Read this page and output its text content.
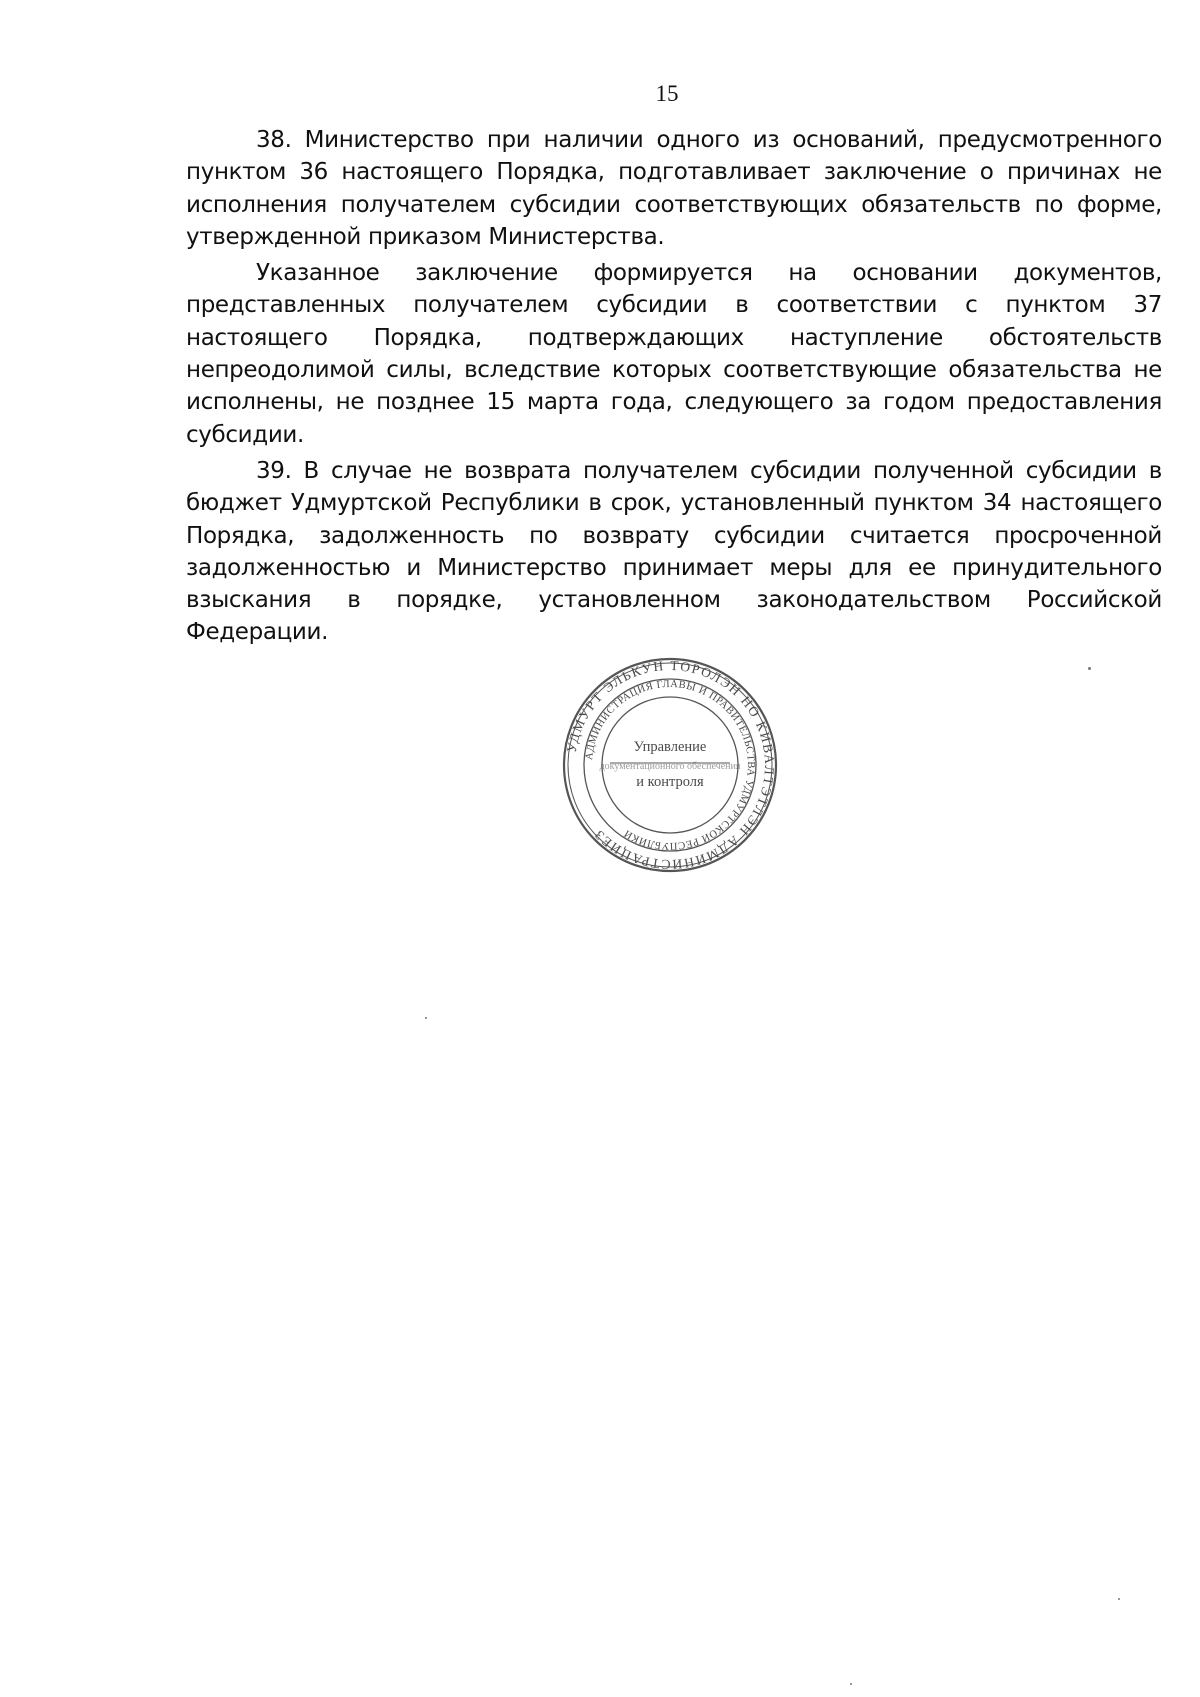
15

38. Министерство при наличии одного из оснований, предусмотренного пунктом 36 настоящего Порядка, подготавливает заключение о причинах не исполнения получателем субсидии соответствующих обязательств по форме, утвержденной приказом Министерства.

Указанное заключение формируется на основании документов, представленных получателем субсидии в соответствии с пунктом 37 настоящего Порядка, подтверждающих наступление обстоятельств непреодолимой силы, вследствие которых соответствующие обязательства не исполнены, не позднее 15 марта года, следующего за годом предоставления субсидии.

39. В случае не возврата получателем субсидии полученной субсидии в бюджет Удмуртской Республики в срок, установленный пунктом 34 настоящего Порядка, задолженность по возврату субсидии считается просроченной задолженностью и Министерство принимает меры для ее принудительного взыскания в порядке, установленном законодательством Российской Федерации.

УДМУРТ ЭЛЬКУН ТОРОЛЭН НО КИВАЛТЭТЛЭН АДМИНИСТРАЦИЕЗ
АДМИНИСТРАЦИЯ ГЛАВЫ И ПРАВИТЕЛЬСТВА УДМУРТСКОЙ РЕСПУБЛИКИ
Управление
документационного обеспечения
и контроля
